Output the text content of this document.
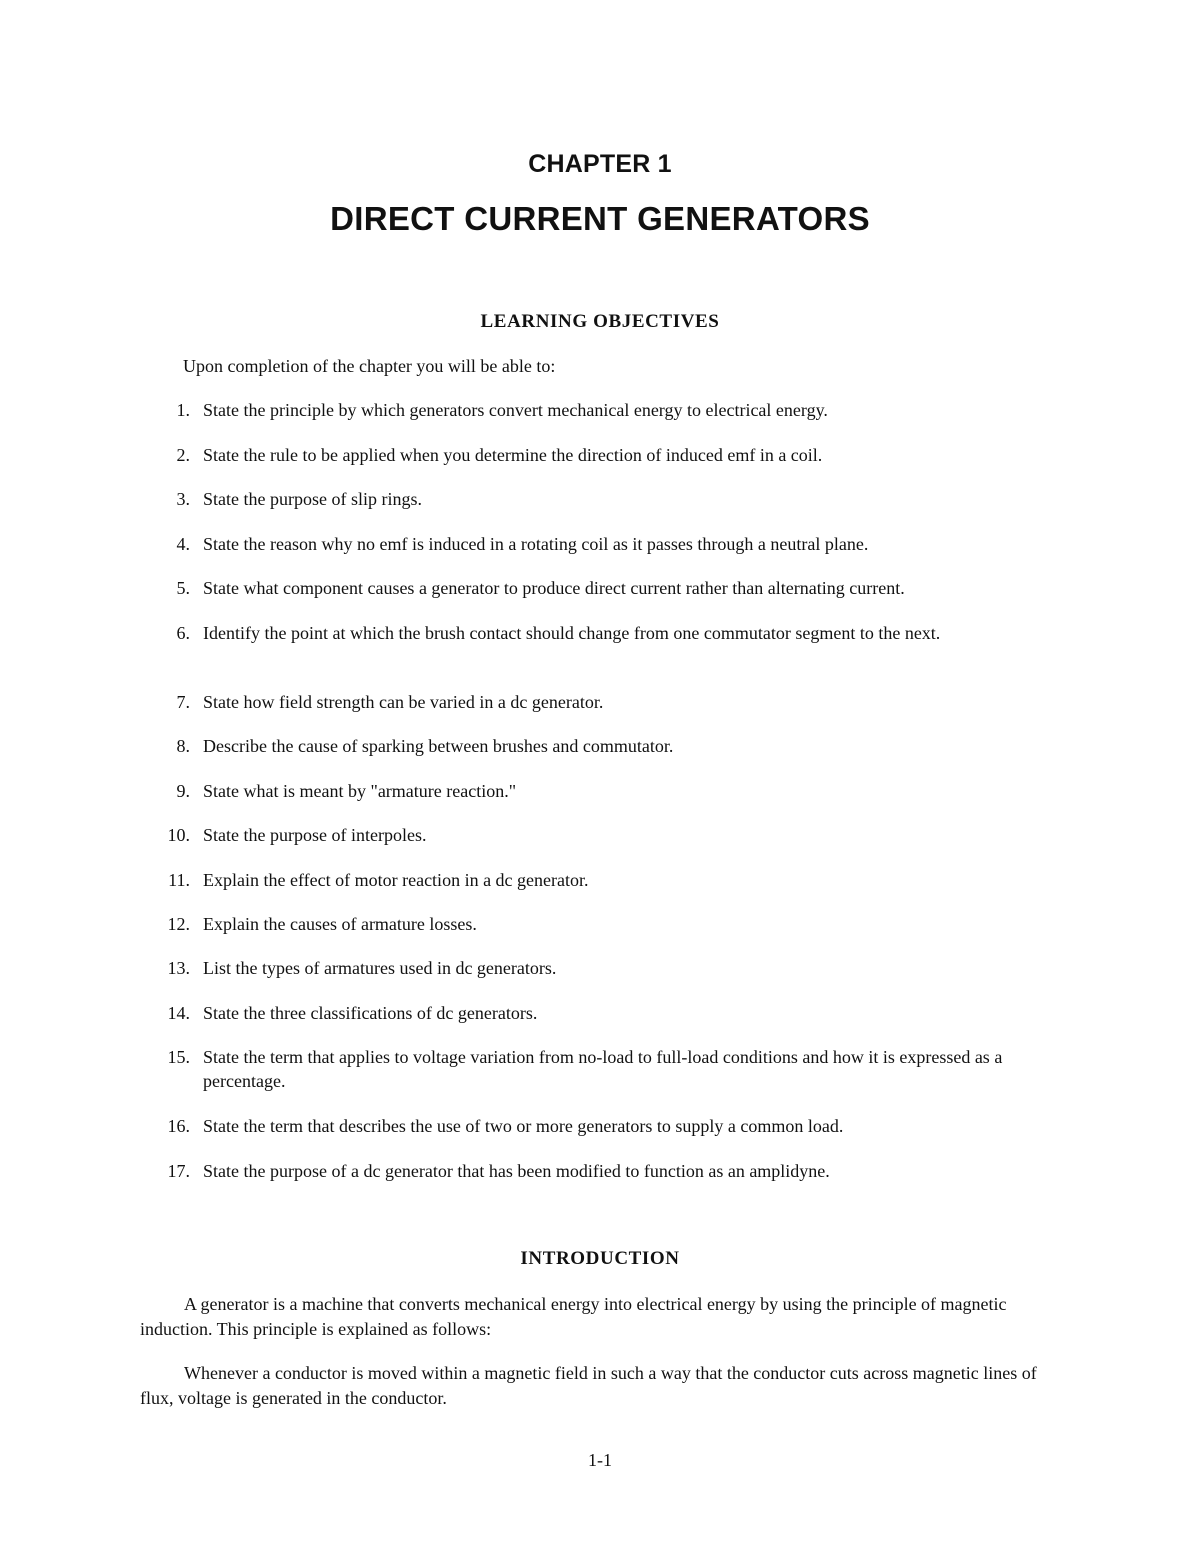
CHAPTER 1
DIRECT CURRENT GENERATORS
LEARNING OBJECTIVES
Upon completion of the chapter you will be able to:
1. State the principle by which generators convert mechanical energy to electrical energy.
2. State the rule to be applied when you determine the direction of induced emf in a coil.
3. State the purpose of slip rings.
4. State the reason why no emf is induced in a rotating coil as it passes through a neutral plane.
5. State what component causes a generator to produce direct current rather than alternating current.
6. Identify the point at which the brush contact should change from one commutator segment to the next.
7. State how field strength can be varied in a dc generator.
8. Describe the cause of sparking between brushes and commutator.
9. State what is meant by "armature reaction."
10. State the purpose of interpoles.
11. Explain the effect of motor reaction in a dc generator.
12. Explain the causes of armature losses.
13. List the types of armatures used in dc generators.
14. State the three classifications of dc generators.
15. State the term that applies to voltage variation from no-load to full-load conditions and how it is expressed as a percentage.
16. State the term that describes the use of two or more generators to supply a common load.
17. State the purpose of a dc generator that has been modified to function as an amplidyne.
INTRODUCTION

A generator is a machine that converts mechanical energy into electrical energy by using the principle of magnetic induction. This principle is explained as follows:

Whenever a conductor is moved within a magnetic field in such a way that the conductor cuts across magnetic lines of flux, voltage is generated in the conductor.

1-1
